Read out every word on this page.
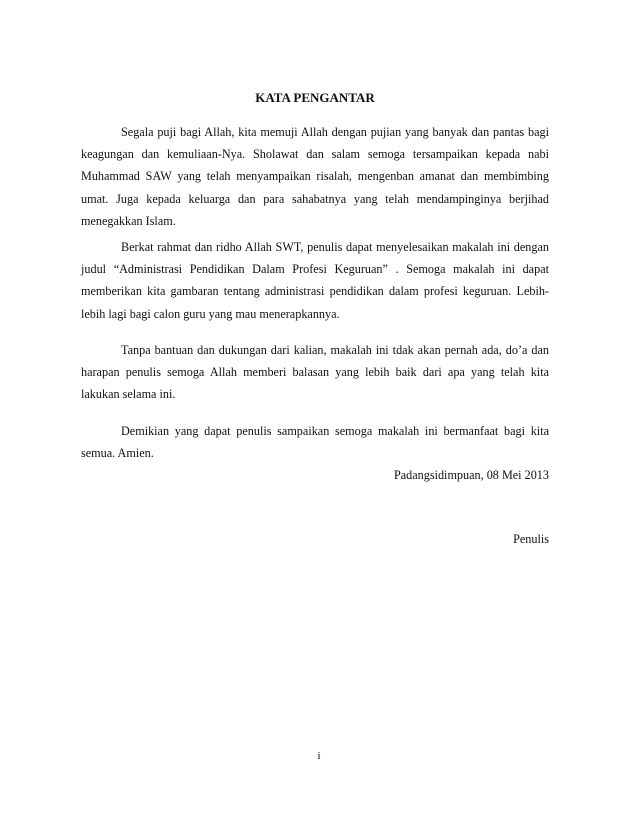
KATA PENGANTAR

Segala puji bagi Allah, kita memuji Allah dengan pujian yang banyak dan pantas bagi keagungan dan kemuliaan-Nya. Sholawat dan salam semoga tersampaikan kepada nabi Muhammad SAW yang telah menyampaikan risalah, mengenban amanat dan membimbing umat. Juga kepada keluarga dan para sahabatnya yang telah mendampinginya berjihad menegakkan Islam.

Berkat rahmat dan ridho Allah SWT, penulis dapat menyelesaikan makalah ini dengan judul “Administrasi Pendidikan Dalam Profesi Keguruan” . Semoga makalah ini dapat memberikan kita gambaran tentang administrasi pendidikan dalam profesi keguruan. Lebih- lebih lagi bagi calon guru yang mau menerapkannya.

Tanpa bantuan dan dukungan dari kalian, makalah ini tdak akan pernah ada, do’a dan harapan penulis semoga Allah memberi balasan yang lebih baik dari apa yang telah kita lakukan selama ini.

Demikian yang dapat penulis sampaikan semoga makalah ini bermanfaat bagi kita semua. Amien.

Padangsidimpuan, 08 Mei 2013
Penulis
i
